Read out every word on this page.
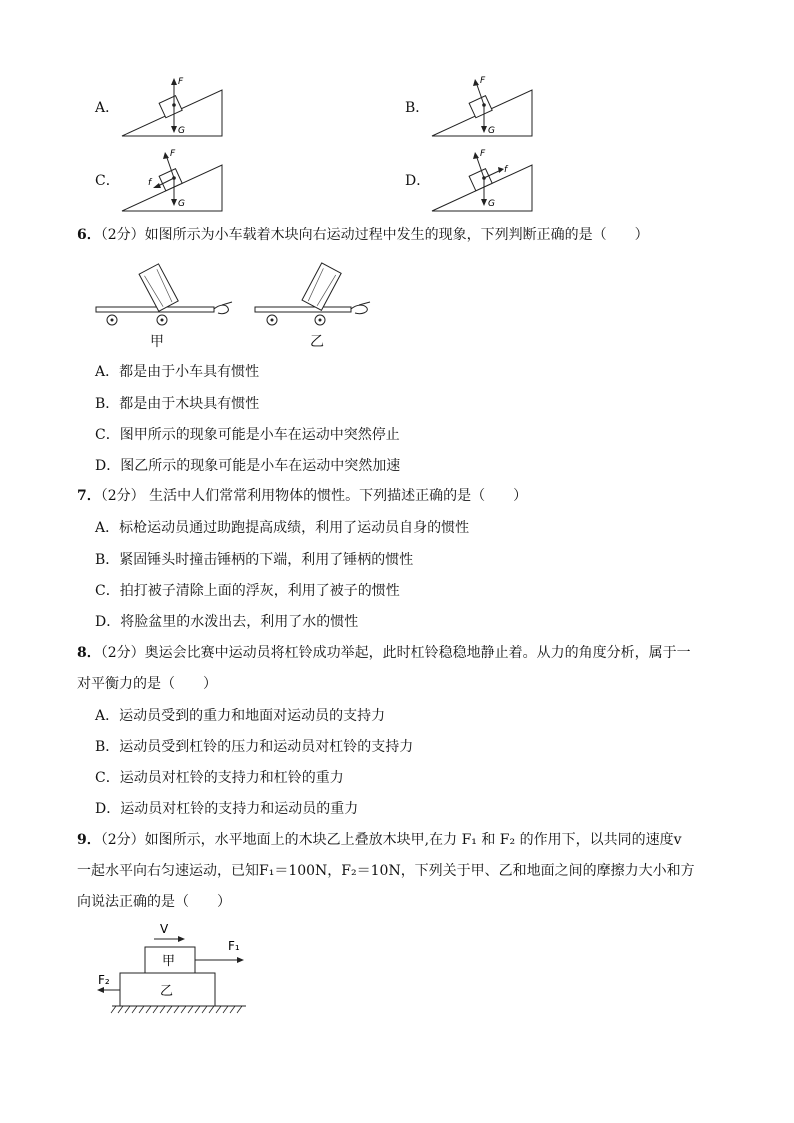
A．
F
G
B．
F
G
C．
F
f
G
D．
F
f
G
6．（2分）如图所示为小车载着木块向右运动过程中发生的现象，下列判断正确的是（　　）
甲	乙
A．都是由于小车具有惯性
B．都是由于木块具有惯性
C．图甲所示的现象可能是小车在运动中突然停止
D．图乙所示的现象可能是小车在运动中突然加速
7．（2分） 生活中人们常常利用物体的惯性。下列描述正确的是（　　）
A．标枪运动员通过助跑提高成绩，利用了运动员自身的惯性
B．紧固锤头时撞击锤柄的下端，利用了锤柄的惯性
C．拍打被子清除上面的浮灰，利用了被子的惯性
D．将脸盆里的水泼出去，利用了水的惯性
8．（2分）奥运会比赛中运动员将杠铃成功举起，此时杠铃稳稳地静止着。从力的角度分析，属于一
对平衡力的是（　　）
A．运动员受到的重力和地面对运动员的支持力
B．运动员受到杠铃的压力和运动员对杠铃的支持力
C．运动员对杠铃的支持力和杠铃的重力
D．运动员对杠铃的支持力和运动员的重力
9．（2分）如图所示，水平地面上的木块乙上叠放木块甲,在力 F₁ 和 F₂ 的作用下，以共同的速度v
一起水平向右匀速运动，已知F₁＝100N，F₂＝10N，下列关于甲、乙和地面之间的摩擦力大小和方
向说法正确的是（　　）
V
甲
F₁
乙
F₂
